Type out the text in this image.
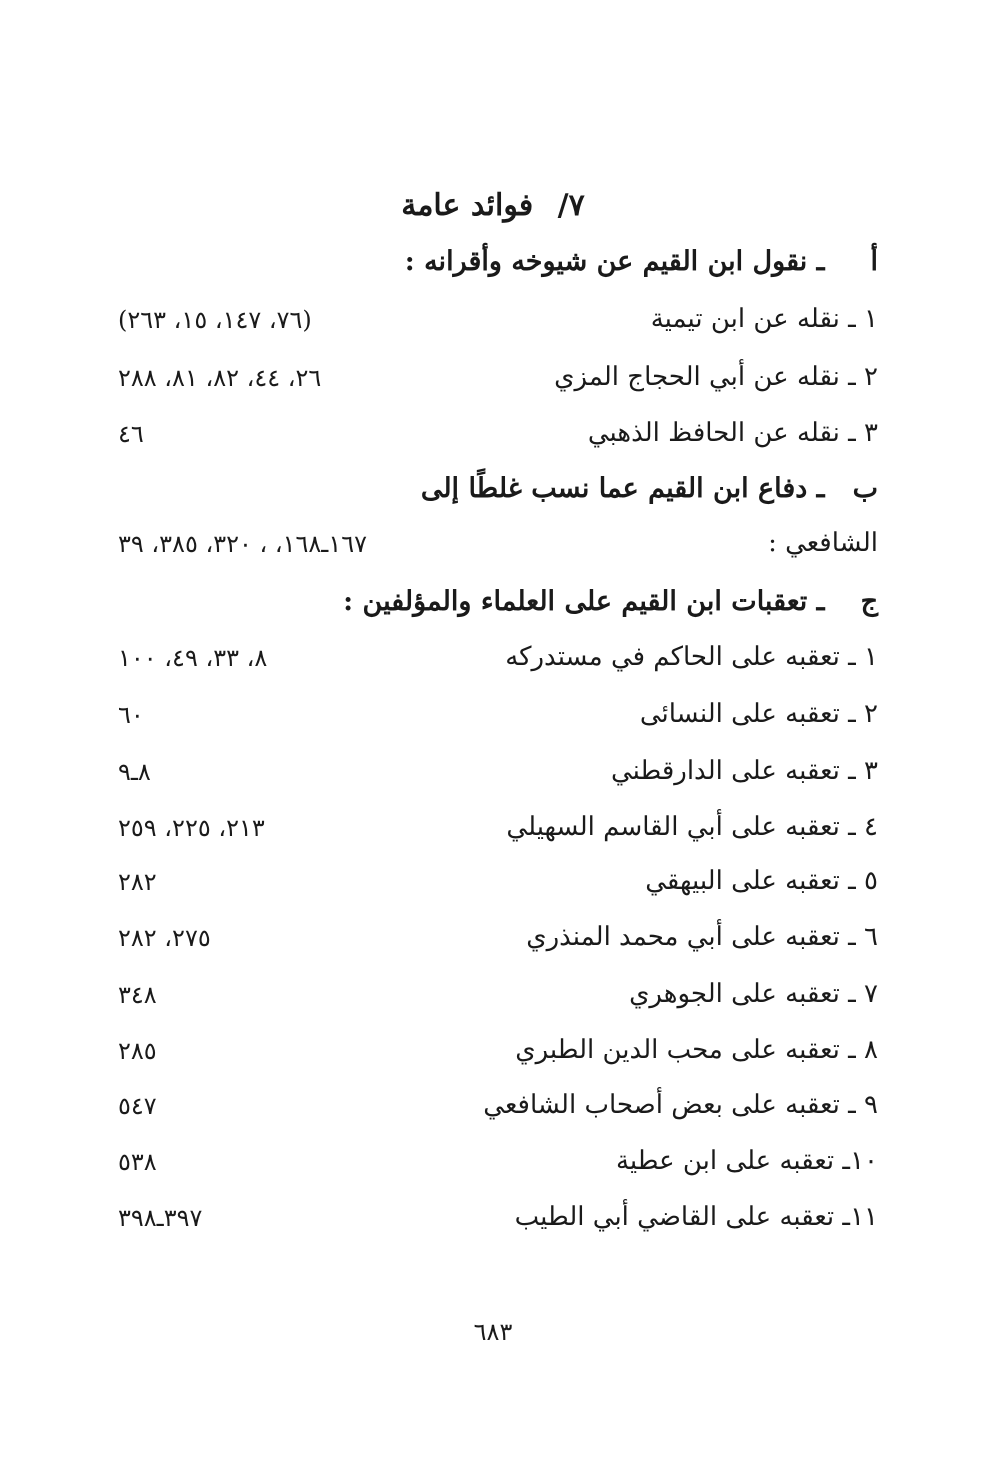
٧/ فوائد عامة
أ ـ نقول ابن القيم عن شيوخه وأقرانه :
١ ـ نقله عن ابن تيمية
(٧٦، ١٤٧، ١٥، ٢٦٣)
٢ ـ نقله عن أبي الحجاج المزي
٢٦، ٤٤، ٨٢، ٨١، ٢٨٨
٣ ـ نقله عن الحافظ الذهبي
٤٦
ب ـ دفاع ابن القيم عما نسب غلطًا إلى
الشافعي :
١٦٧ـ١٦٨، ، ٣٢٠، ٣٨٥، ٣٩
ج ـ تعقبات ابن القيم على العلماء والمؤلفين :
١ ـ تعقبه على الحاكم في مستدركه
٨، ٣٣، ٤٩، ١٠٠
٢ ـ تعقبه على النسائى
٦٠
٣ ـ تعقبه على الدارقطني
٨ـ٩
٤ ـ تعقبه على أبي القاسم السهيلي
٢١٣، ٢٢٥، ٢٥٩
٥ ـ تعقبه على البيهقي
٢٨٢
٦ ـ تعقبه على أبي محمد المنذري
٢٧٥، ٢٨٢
٧ ـ تعقبه على الجوهري
٣٤٨
٨ ـ تعقبه على محب الدين الطبري
٢٨٥
٩ ـ تعقبه على بعض أصحاب الشافعي
٥٤٧
١٠ـ تعقبه على ابن عطية
٥٣٨
١١ـ تعقبه على القاضي أبي الطيب
٣٩٧ـ٣٩٨
٦٨٣
